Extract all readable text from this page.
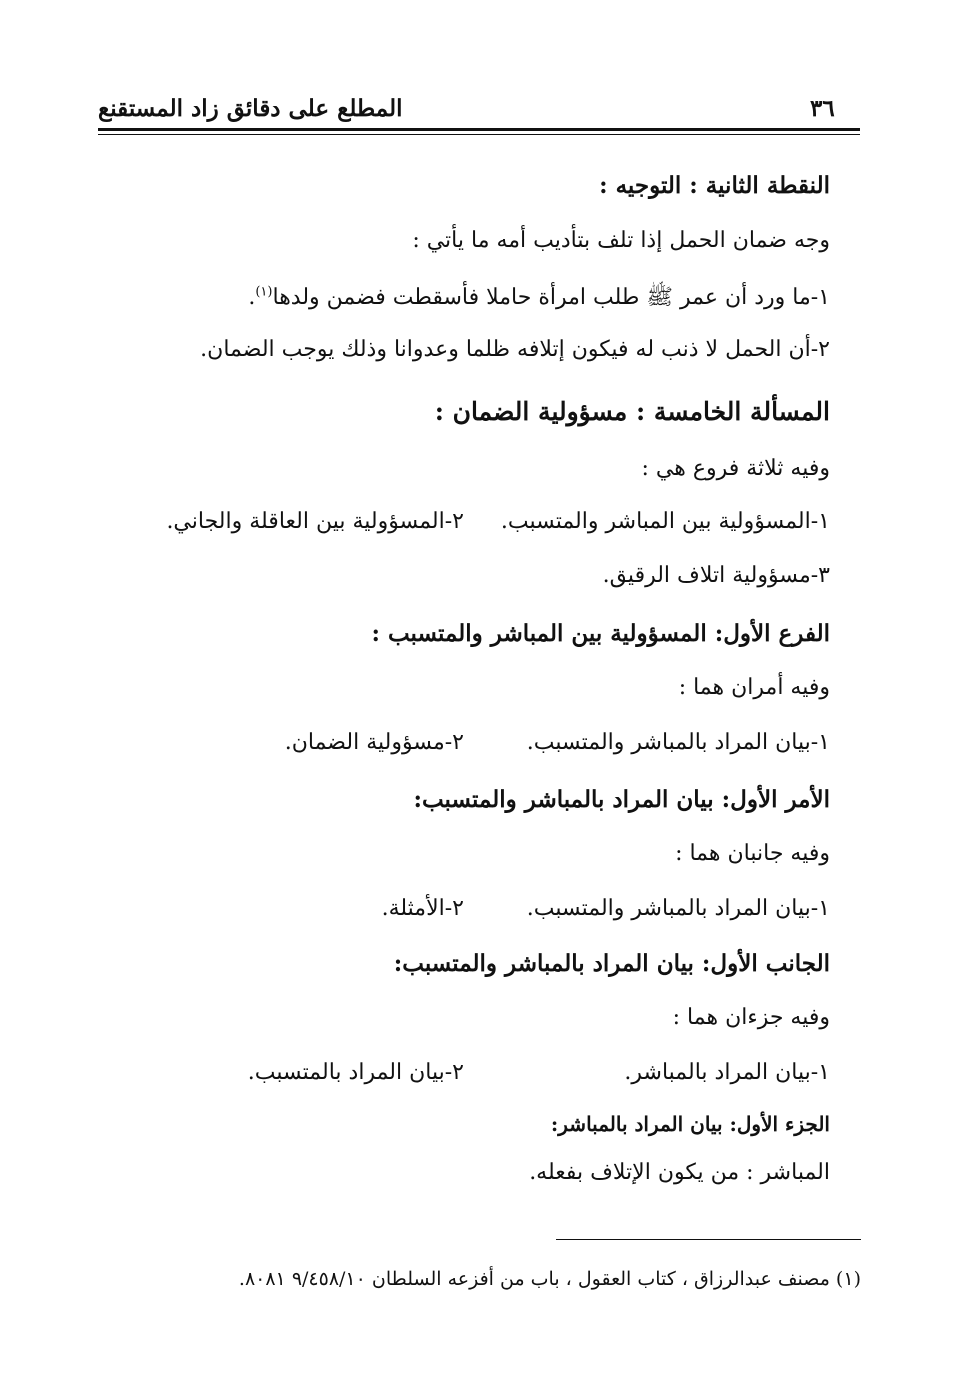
٣٦
المطلع على دقائق زاد المستقنع
النقطة الثانية : التوجيه :
وجه ضمان الحمل إذا تلف بتأديب أمه ما يأتي :
١-ما ورد أن عمر ﷺ طلب امرأة حاملا فأسقطت فضمن ولدها$^{(١)}$.
٢-أن الحمل لا ذنب له فيكون إتلافه ظلما وعدوانا وذلك يوجب الضمان.
المسألة الخامسة : مسؤولية الضمان :
وفيه ثلاثة فروع هي :
١-المسؤولية بين المباشر والمتسبب.
٢-المسؤولية بين العاقلة والجاني.
٣-مسؤولية اتلاف الرقيق.
الفرع الأول: المسؤولية بين المباشر والمتسبب :
وفيه أمران هما :
١-بيان المراد بالمباشر والمتسبب.
٢-مسؤولية الضمان.
الأمر الأول: بيان المراد بالمباشر والمتسبب:
وفيه جانبان هما :
١-بيان المراد بالمباشر والمتسبب.
٢-الأمثلة.
الجانب الأول: بيان المراد بالمباشر والمتسبب:
وفيه جزءان هما :
١-بيان المراد بالمباشر.
٢-بيان المراد بالمتسبب.
الجزء الأول: بيان المراد بالمباشر:
المباشر : من يكون الإتلاف بفعله.
(١) مصنف عبدالرزاق ، كتاب العقول ، باب من أفزعه السلطان ٩/٤٥٨/١٠ ٨٠٨١.
